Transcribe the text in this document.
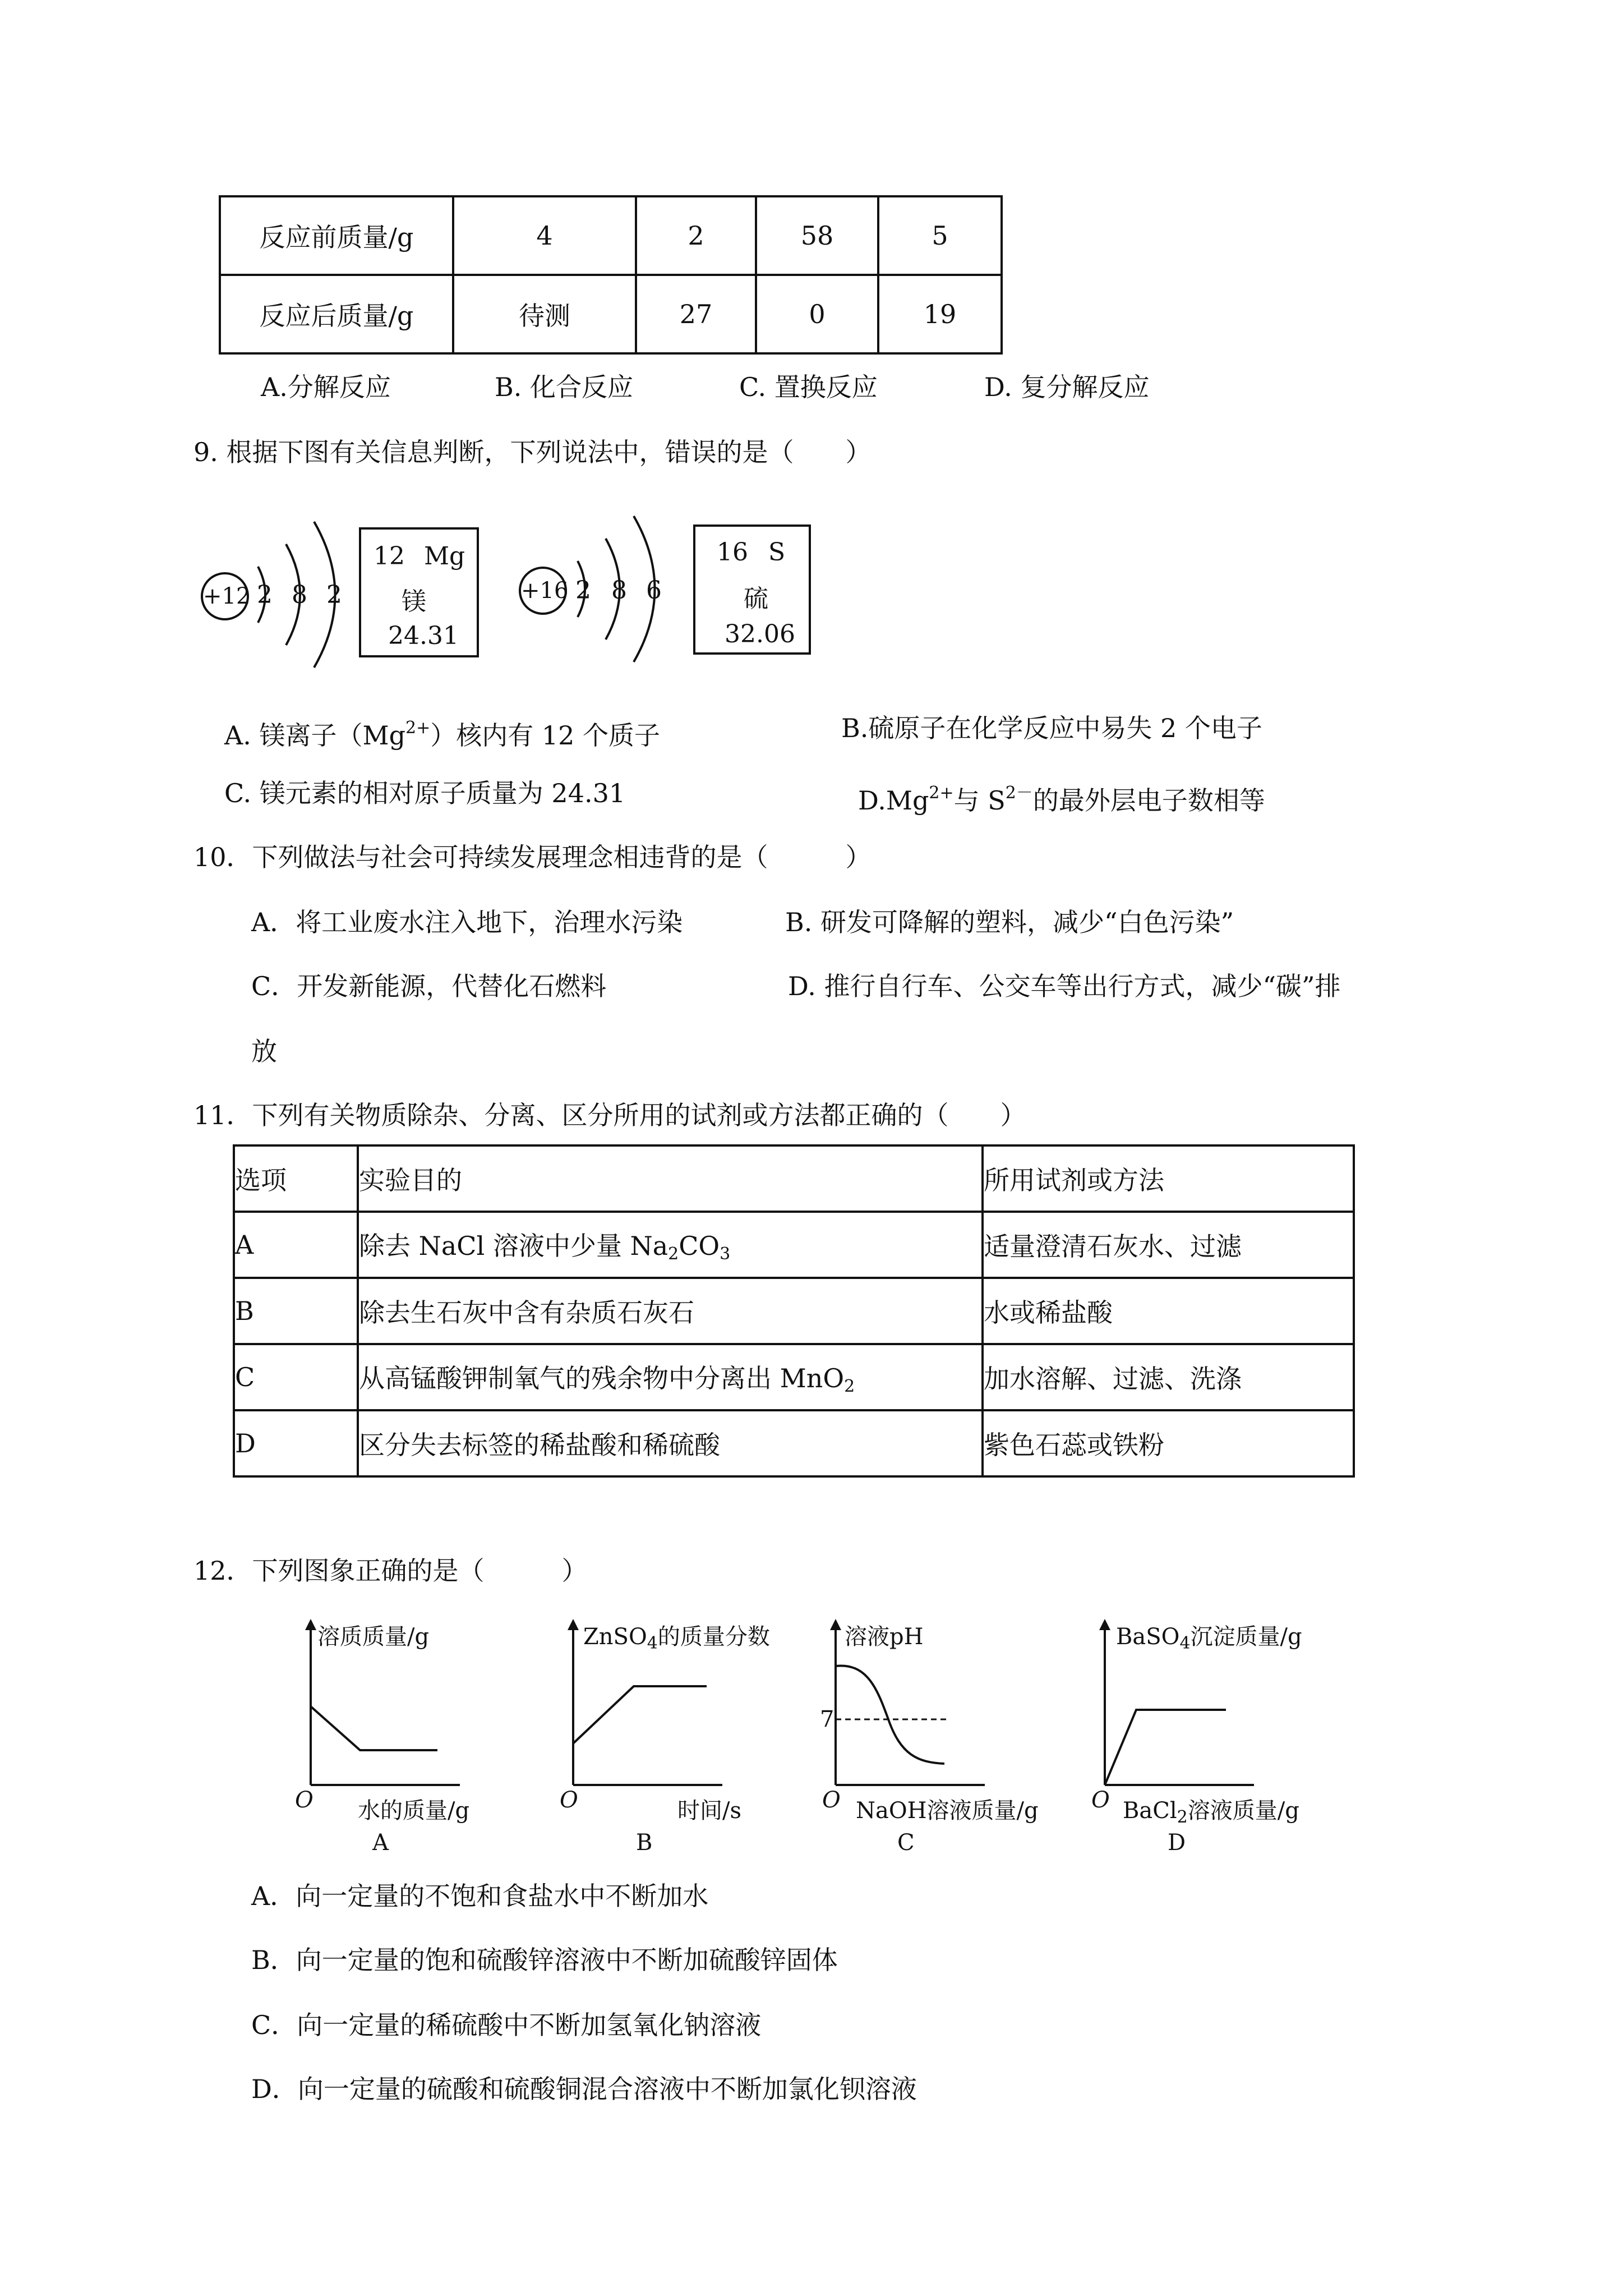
反应前质量/g	4	2	58	5
反应后质量/g	待测	27	0	19
A.分解反应	B. 化合反应	C. 置换反应	D. 复分解反应
9. 根据下图有关信息判断，下列说法中，错误的是（　　）
+12 2 8 2
12 Mg
镁
24.31
+16 2 8 6
16 S
硫
32.06
A. 镁离子$(Mg^{2+})$核内有 12 个质子	B.硫原子在化学反应中易失 2 个电子
C. 镁元素的相对原子质量为 24.31	$D.Mg^{2+}$与 $S^{2-}$的最外层电子数相等
10．下列做法与社会可持续发展理念相违背的是（　　　）
A．将工业废水注入地下，治理水污染	B. 研发可降解的塑料，减少“白色污染”
C．开发新能源，代替化石燃料	D. 推行自行车、公交车等出行方式，减少“碳”排
放
11．下列有关物质除杂、分离、区分所用的试剂或方法都正确的（　　）
选项	实验目的	所用试剂或方法
A	除去 NaCl 溶液中少量 $Na_2CO_3$	适量澄清石灰水、过滤
B	除去生石灰中含有杂质石灰石	水或稀盐酸
C	从高锰酸钾制氧气的残余物中分离出 MnO$_2$	加水溶解、过滤、洗涤
D	区分失去标签的稀盐酸和稀硫酸	紫色石蕊或铁粉
12．下列图象正确的是（　　　）
溶质质量/g
O 水的质量/g
A
ZnSO$_4$的质量分数
O	时间/s
B
溶液pH
7
O NaOH溶液质量/g
C
BaSO$_4$沉淀质量/g
O BaCl$_2$溶液质量/g
D
A．向一定量的不饱和食盐水中不断加水
B．向一定量的饱和硫酸锌溶液中不断加硫酸锌固体
C．向一定量的稀硫酸中不断加氢氧化钠溶液
D．向一定量的硫酸和硫酸铜混合溶液中不断加氯化钡溶液
